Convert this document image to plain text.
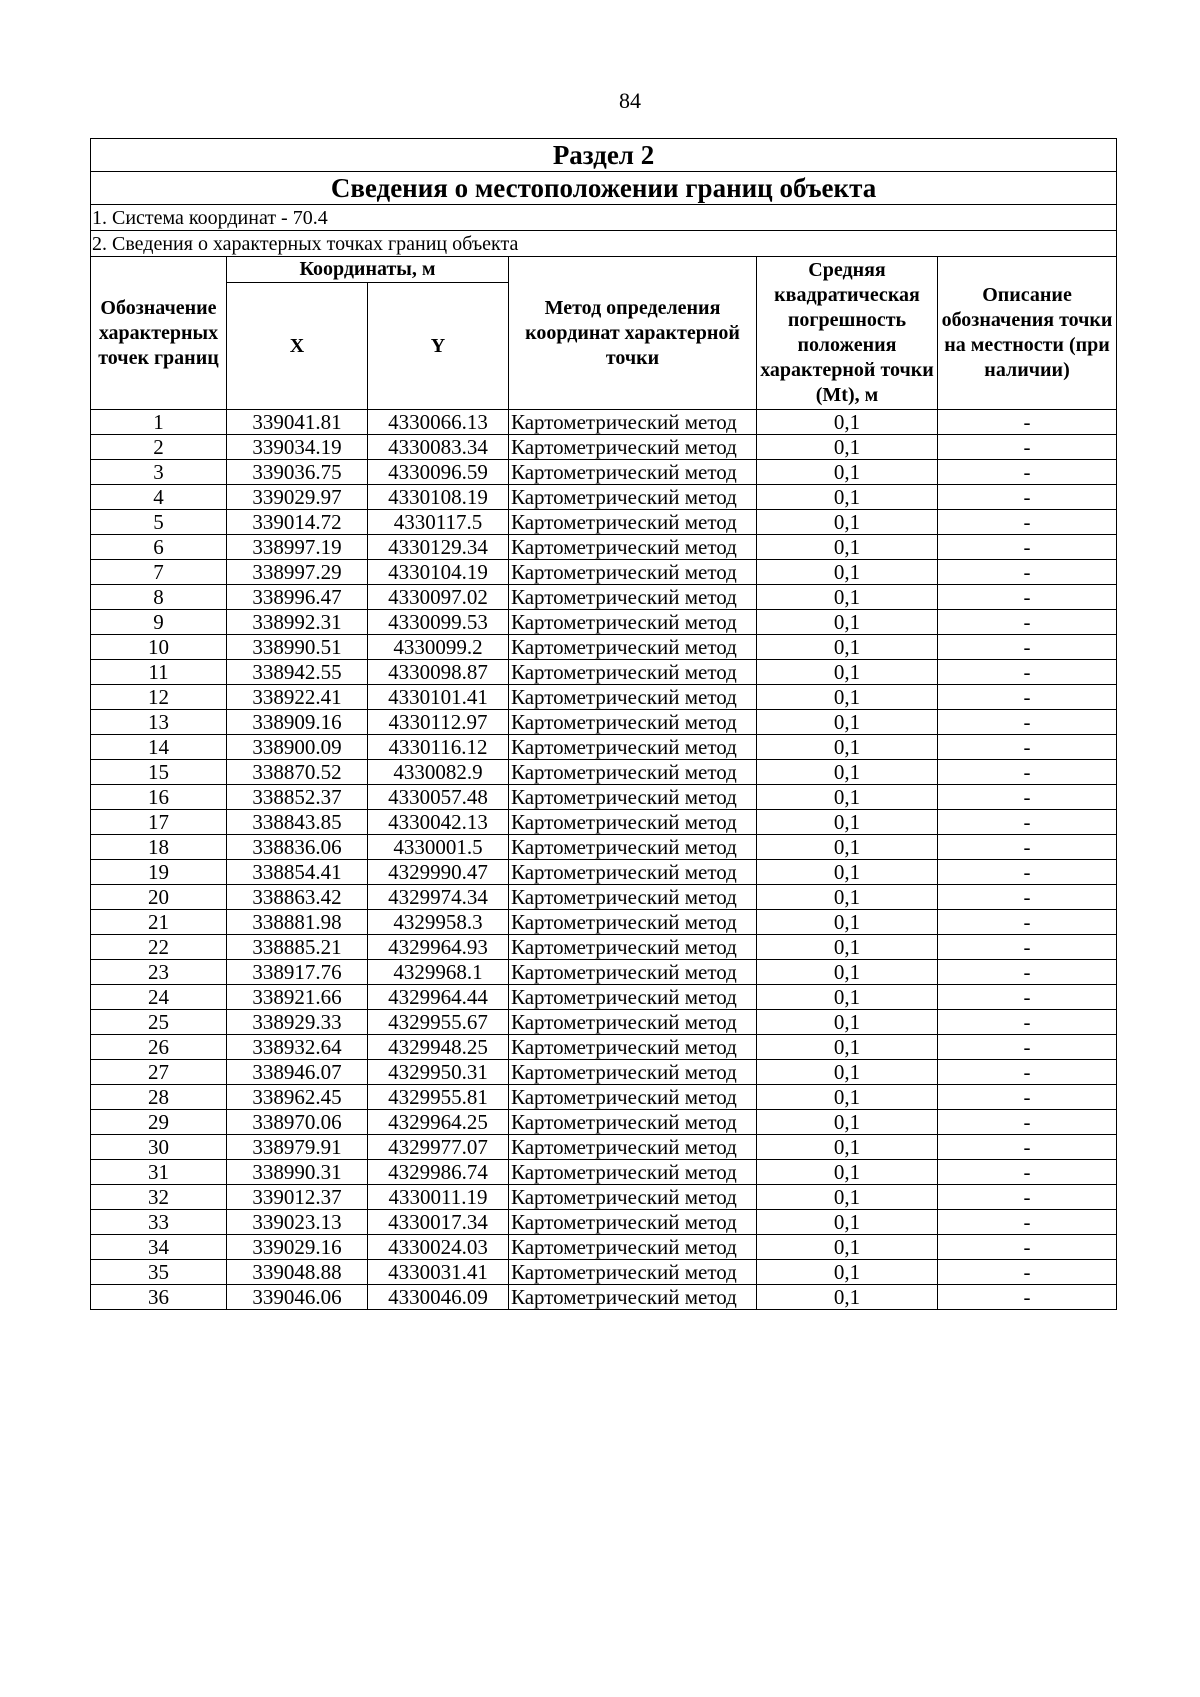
84
Раздел 2					
Сведения о местоположении границ объекта					
1. Система координат - 70.4					
2. Сведения о характерных точках границ объекта					
Обозначение характерных точек границ	Координаты, м		Метод определения координат характерной точки	Средняя квадратическая погрешность положения характерной точки (Mt), м	Описание обозначения точки на местности (при наличии)
	X	Y			
1	339041.81	4330066.13	Картометрический метод	0,1	-
2	339034.19	4330083.34	Картометрический метод	0,1	-
3	339036.75	4330096.59	Картометрический метод	0,1	-
4	339029.97	4330108.19	Картометрический метод	0,1	-
5	339014.72	4330117.5	Картометрический метод	0,1	-
6	338997.19	4330129.34	Картометрический метод	0,1	-
7	338997.29	4330104.19	Картометрический метод	0,1	-
8	338996.47	4330097.02	Картометрический метод	0,1	-
9	338992.31	4330099.53	Картометрический метод	0,1	-
10	338990.51	4330099.2	Картометрический метод	0,1	-
11	338942.55	4330098.87	Картометрический метод	0,1	-
12	338922.41	4330101.41	Картометрический метод	0,1	-
13	338909.16	4330112.97	Картометрический метод	0,1	-
14	338900.09	4330116.12	Картометрический метод	0,1	-
15	338870.52	4330082.9	Картометрический метод	0,1	-
16	338852.37	4330057.48	Картометрический метод	0,1	-
17	338843.85	4330042.13	Картометрический метод	0,1	-
18	338836.06	4330001.5	Картометрический метод	0,1	-
19	338854.41	4329990.47	Картометрический метод	0,1	-
20	338863.42	4329974.34	Картометрический метод	0,1	-
21	338881.98	4329958.3	Картометрический метод	0,1	-
22	338885.21	4329964.93	Картометрический метод	0,1	-
23	338917.76	4329968.1	Картометрический метод	0,1	-
24	338921.66	4329964.44	Картометрический метод	0,1	-
25	338929.33	4329955.67	Картометрический метод	0,1	-
26	338932.64	4329948.25	Картометрический метод	0,1	-
27	338946.07	4329950.31	Картометрический метод	0,1	-
28	338962.45	4329955.81	Картометрический метод	0,1	-
29	338970.06	4329964.25	Картометрический метод	0,1	-
30	338979.91	4329977.07	Картометрический метод	0,1	-
31	338990.31	4329986.74	Картометрический метод	0,1	-
32	339012.37	4330011.19	Картометрический метод	0,1	-
33	339023.13	4330017.34	Картометрический метод	0,1	-
34	339029.16	4330024.03	Картометрический метод	0,1	-
35	339048.88	4330031.41	Картометрический метод	0,1	-
36	339046.06	4330046.09	Картометрический метод	0,1	-
